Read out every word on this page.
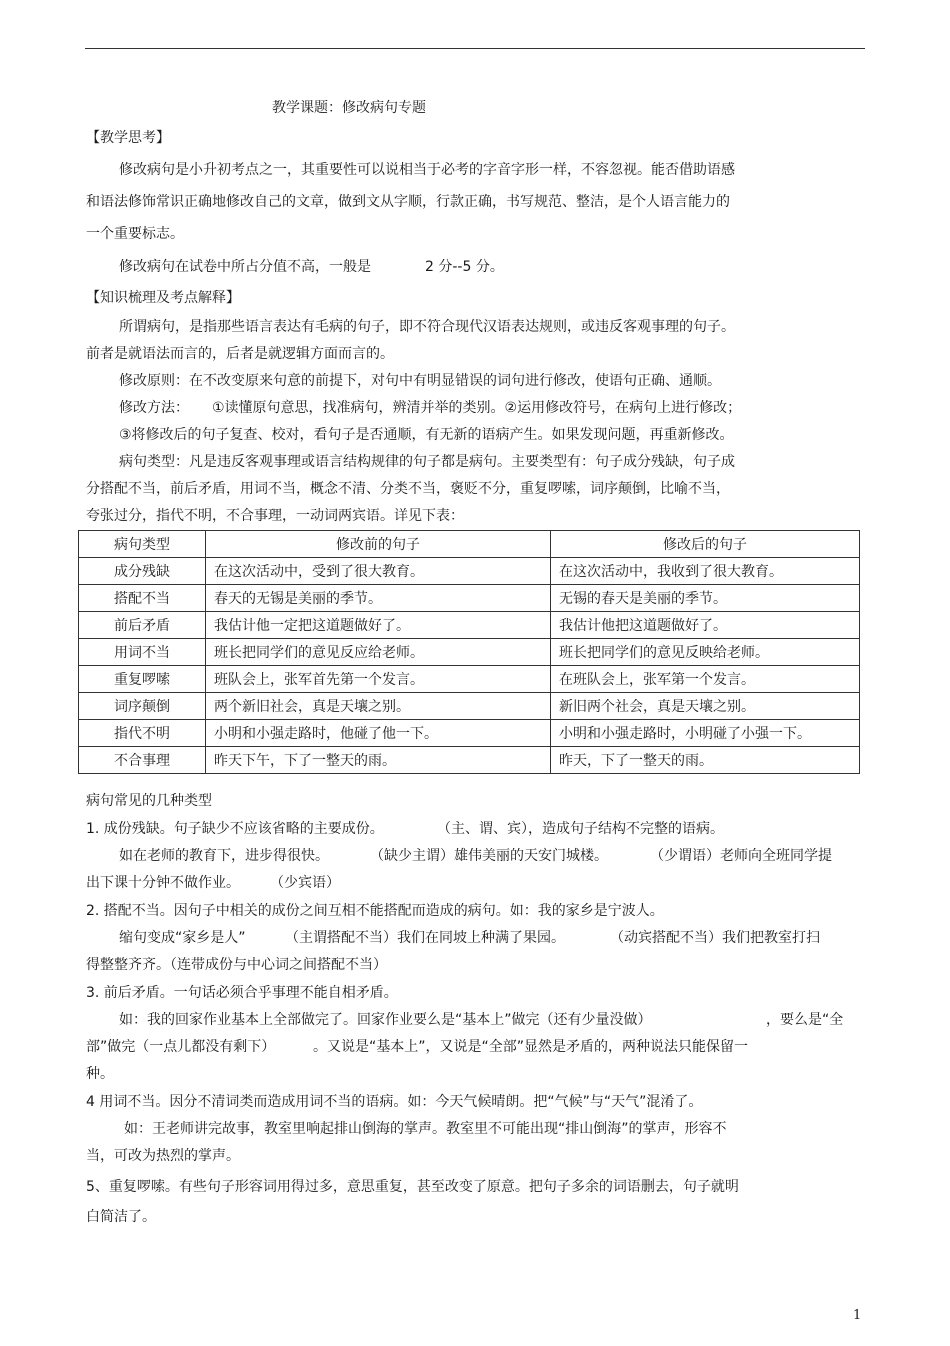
教学课题：修改病句专题
【教学思考】
修改病句是小升初考点之一，其重要性可以说相当于必考的字音字形一样，不容忽视。能否借助语感
和语法修饰常识正确地修改自己的文章，做到文从字顺，行款正确，书写规范、整洁，是个人语言能力的
一个重要标志。
修改病句在试卷中所占分值不高，一般是	2 分--5 分。
【知识梳理及考点解释】
所谓病句，是指那些语言表达有毛病的句子，即不符合现代汉语表达规则，或违反客观事理的句子。
前者是就语法而言的，后者是就逻辑方面而言的。
修改原则：在不改变原来句意的前提下，对句中有明显错误的词句进行修改，使语句正确、通顺。
修改方法： ①读懂原句意思，找准病句，辨清并举的类别。②运用修改符号，在病句上进行修改；
③将修改后的句子复查、校对，看句子是否通顺，有无新的语病产生。如果发现问题，再重新修改。
病句类型：凡是违反客观事理或语言结构规律的句子都是病句。主要类型有：句子成分残缺，句子成
分搭配不当，前后矛盾，用词不当，概念不清、分类不当，褒贬不分，重复啰嗦，词序颠倒，比喻不当，
夸张过分，指代不明，不合事理，一动词两宾语。详见下表：
病句类型	修改前的句子	修改后的句子
成分残缺	在这次活动中，受到了很大教育。	在这次活动中，我收到了很大教育。
搭配不当	春天的无锡是美丽的季节。	无锡的春天是美丽的季节。
前后矛盾	我估计他一定把这道题做好了。	我估计他把这道题做好了。
用词不当	班长把同学们的意见反应给老师。	班长把同学们的意见反映给老师。
重复啰嗦	班队会上，张军首先第一个发言。	在班队会上，张军第一个发言。
词序颠倒	两个新旧社会，真是天壤之别。	新旧两个社会，真是天壤之别。
指代不明	小明和小强走路时，他碰了他一下。	小明和小强走路时，小明碰了小强一下。
不合事理	昨天下午，下了一整天的雨。	昨天，下了一整天的雨。
病句常见的几种类型
1. 成份残缺。句子缺少不应该省略的主要成份。	（主、谓、宾），造成句子结构不完整的语病。
如在老师的教育下，进步得很快。	（缺少主谓）雄伟美丽的天安门城楼。	（少谓语）老师向全班同学提
出下课十分钟不做作业。 （少宾语）
2. 搭配不当。因句子中相关的成份之间互相不能搭配而造成的病句。如：我的家乡是宁波人。
缩句变成“家乡是人”	（主谓搭配不当）我们在同坡上种满了果园。	（动宾搭配不当）我们把教室打扫
得整整齐齐。（连带成份与中心词之间搭配不当）
3. 前后矛盾。一句话必须合乎事理不能自相矛盾。
如：我的回家作业基本上全部做完了。回家作业要么是“基本上”做完（还有少量没做）	，要么是“全
部”做完（一点儿都没有剩下）	。又说是“基本上”，又说是“全部”显然是矛盾的，两种说法只能保留一
种。
4 用词不当。因分不清词类而造成用词不当的语病。如：今天气候晴朗。把“气候”与“天气”混淆了。
如：王老师讲完故事，教室里响起排山倒海的掌声。教室里不可能出现“排山倒海”的掌声，形容不
当，可改为热烈的掌声。
5、重复啰嗦。有些句子形容词用得过多，意思重复，甚至改变了原意。把句子多余的词语删去，句子就明
白简洁了。
1
